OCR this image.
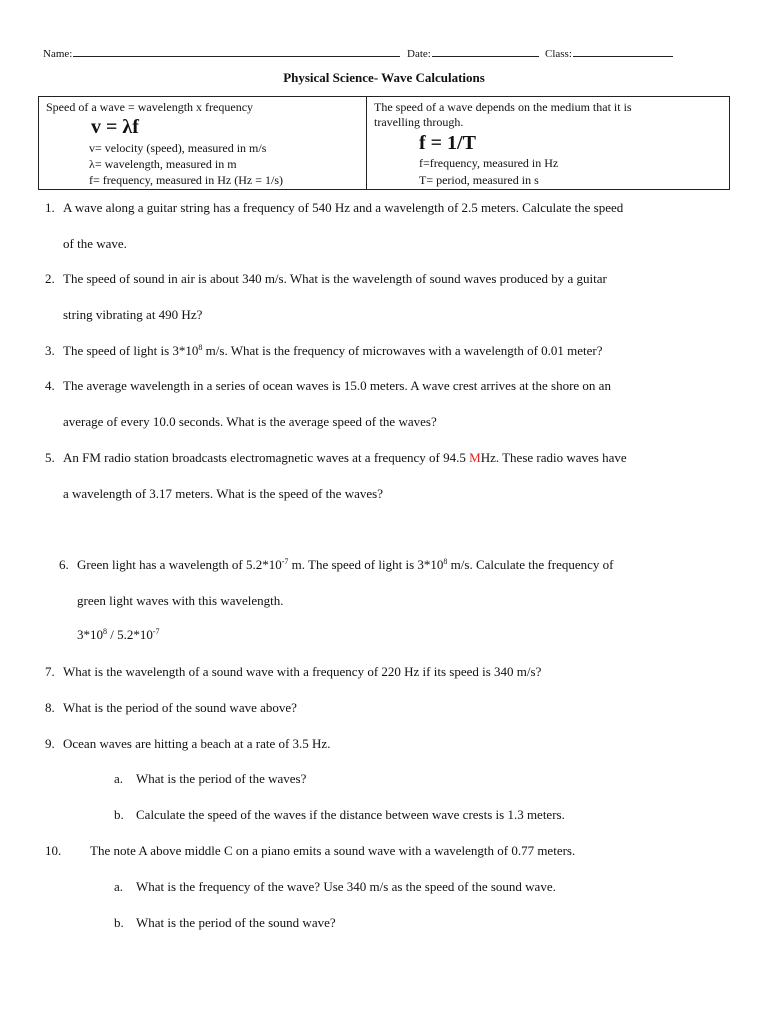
Name:	Date:	Class:
Physical Science- Wave Calculations
Speed of a wave = wavelength x frequency
v = λf
v= velocity (speed), measured in m/s
λ= wavelength, measured in m
f= frequency, measured in Hz (Hz = 1/s)
The speed of a wave depends on the medium that it is
travelling through.
f = 1/T
f=frequency, measured in Hz
T= period, measured in s
1. A wave along a guitar string has a frequency of 540 Hz and a wavelength of 2.5 meters. Calculate the speed
of the wave.
2. The speed of sound in air is about 340 m/s. What is the wavelength of sound waves produced by a guitar
string vibrating at 490 Hz?
3. The speed of light is $3*10^8$ m/s. What is the frequency of microwaves with a wavelength of 0.01 meter?
4. The average wavelength in a series of ocean waves is 15.0 meters. A wave crest arrives at the shore on an
average of every 10.0 seconds. What is the average speed of the waves?
5. An FM radio station broadcasts electromagnetic waves at a frequency of 94.5 MHz. These radio waves have
a wavelength of 3.17 meters. What is the speed of the waves?
6. Green light has a wavelength of $5.2*10^{-7}$ m. The speed of light is $3*10^8$ m/s. Calculate the frequency of
green light waves with this wavelength.
$3*10^8 / 5.2*10^{-7}$
7. What is the wavelength of a sound wave with a frequency of 220 Hz if its speed is 340 m/s?
8. What is the period of the sound wave above?
9. Ocean waves are hitting a beach at a rate of 3.5 Hz.
a. What is the period of the waves?
b. Calculate the speed of the waves if the distance between wave crests is 1.3 meters.
10. The note A above middle C on a piano emits a sound wave with a wavelength of 0.77 meters.
a. What is the frequency of the wave? Use 340 m/s as the speed of the sound wave.
b. What is the period of the sound wave?
